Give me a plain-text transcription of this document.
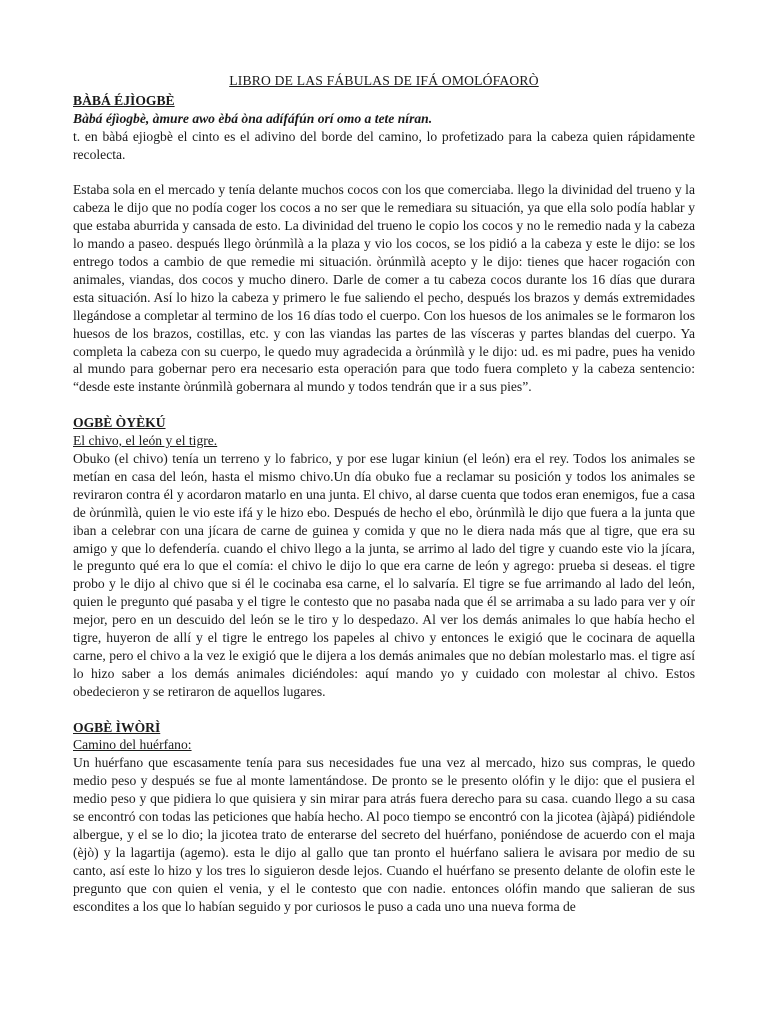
LIBRO DE LAS FÁBULAS DE IFÁ OMOLÓFAORÒ
BÀBÁ ÉJÌOGBÈ
Bàbá éjìogbè, àmure awo èbá òna adífáfún orí omo a tete níran.

t. en bàbá ejiogbè el cinto es el adivino del borde del camino, lo profetizado para la cabeza quien rápidamente recolecta.

Estaba sola en el mercado y tenía delante muchos cocos con los que comerciaba. llego la divinidad del trueno y la cabeza le dijo que no podía coger los cocos a no ser que le remediara su situación, ya que ella solo podía hablar y que estaba aburrida y cansada de esto. La divinidad del trueno le copio los cocos y no le remedio nada y la cabeza lo mando a paseo. después llego òrúnmìlà a la plaza y vio los cocos, se los pidió a la cabeza y este le dijo: se los entrego todos a cambio de que remedie mi situación. òrúnmìlà acepto y le dijo: tienes que hacer rogación con animales, viandas, dos cocos y mucho dinero. Darle de comer a tu cabeza cocos durante los 16 días que durara esta situación. Así lo hizo la cabeza y primero le fue saliendo el pecho, después los brazos y demás extremidades llegándose a completar al termino de los 16 días todo el cuerpo. Con los huesos de los animales se le formaron los huesos de los brazos, costillas, etc. y con las viandas las partes de las vísceras y partes blandas del cuerpo. Ya completa la cabeza con su cuerpo, le quedo muy agradecida a òrúnmìlà y le dijo: ud. es mi padre, pues ha venido al mundo para gobernar pero era necesario esta operación para que todo fuera completo y la cabeza sentencio: “desde este instante òrúnmìlà gobernara al mundo y todos tendrán que ir a sus pies”.

OGBÈ ÒYÈKÚ
El chivo, el león y el tigre.

Obuko (el chivo) tenía un terreno y lo fabrico, y por ese lugar kiniun (el león) era el rey. Todos los animales se metían en casa del león, hasta el mismo chivo.Un día obuko fue a reclamar su posición y todos los animales se reviraron contra él y acordaron matarlo en una junta. El chivo, al darse cuenta que todos eran enemigos, fue a casa de òrúnmìlà, quien le vio este ifá y le hizo ebo. Después de hecho el ebo, òrúnmìlà le dijo que fuera a la junta que iban a celebrar con una jícara de carne de guinea y comida y que no le diera nada más que al tigre, que era su amigo y que lo defendería. cuando el chivo llego a la junta, se arrimo al lado del tigre y cuando este vio la jícara, le pregunto qué era lo que el comía: el chivo le dijo lo que era carne de león y agrego: prueba si deseas. el tigre probo y le dijo al chivo que si él le cocinaba esa carne, el lo salvaría. El tigre se fue arrimando al lado del león, quien le pregunto qué pasaba y el tigre le contesto que no pasaba nada que él se arrimaba a su lado para ver y oír mejor, pero en un descuido del león se le tiro y lo despedazo. Al ver los demás animales lo que había hecho el tigre, huyeron de allí y el tigre le entrego los papeles al chivo y entonces le exigió que le cocinara de aquella carne, pero el chivo a la vez le exigió que le dijera a los demás animales que no debían molestarlo mas. el tigre así lo hizo saber a los demás animales diciéndoles: aquí mando yo y cuidado con molestar al chivo. Estos obedecieron y se retiraron de aquellos lugares.

OGBÈ ÌWÒRÌ
Camino del huérfano:

Un huérfano que escasamente tenía para sus necesidades fue una vez al mercado, hizo sus compras, le quedo medio peso y después se fue al monte lamentándose. De pronto se le presento olófin y le dijo: que el pusiera el medio peso y que pidiera lo que quisiera y sin mirar para atrás fuera derecho para su casa. cuando llego a su casa se encontró con todas las peticiones que había hecho. Al poco tiempo se encontró con la jicotea (àjàpá) pidiéndole albergue, y el se lo dio; la jicotea trato de enterarse del secreto del huérfano, poniéndose de acuerdo con el maja (èjò) y la lagartija (agemo). esta le dijo al gallo que tan pronto el huérfano saliera le avisara por medio de su canto, así este lo hizo y los tres lo siguieron desde lejos. Cuando el huérfano se presento delante de olofin este le pregunto que con quien el venia, y el le contesto que con nadie. entonces olófin mando que salieran de sus escondites a los que lo habían seguido y por curiosos le puso a cada uno una nueva forma de
